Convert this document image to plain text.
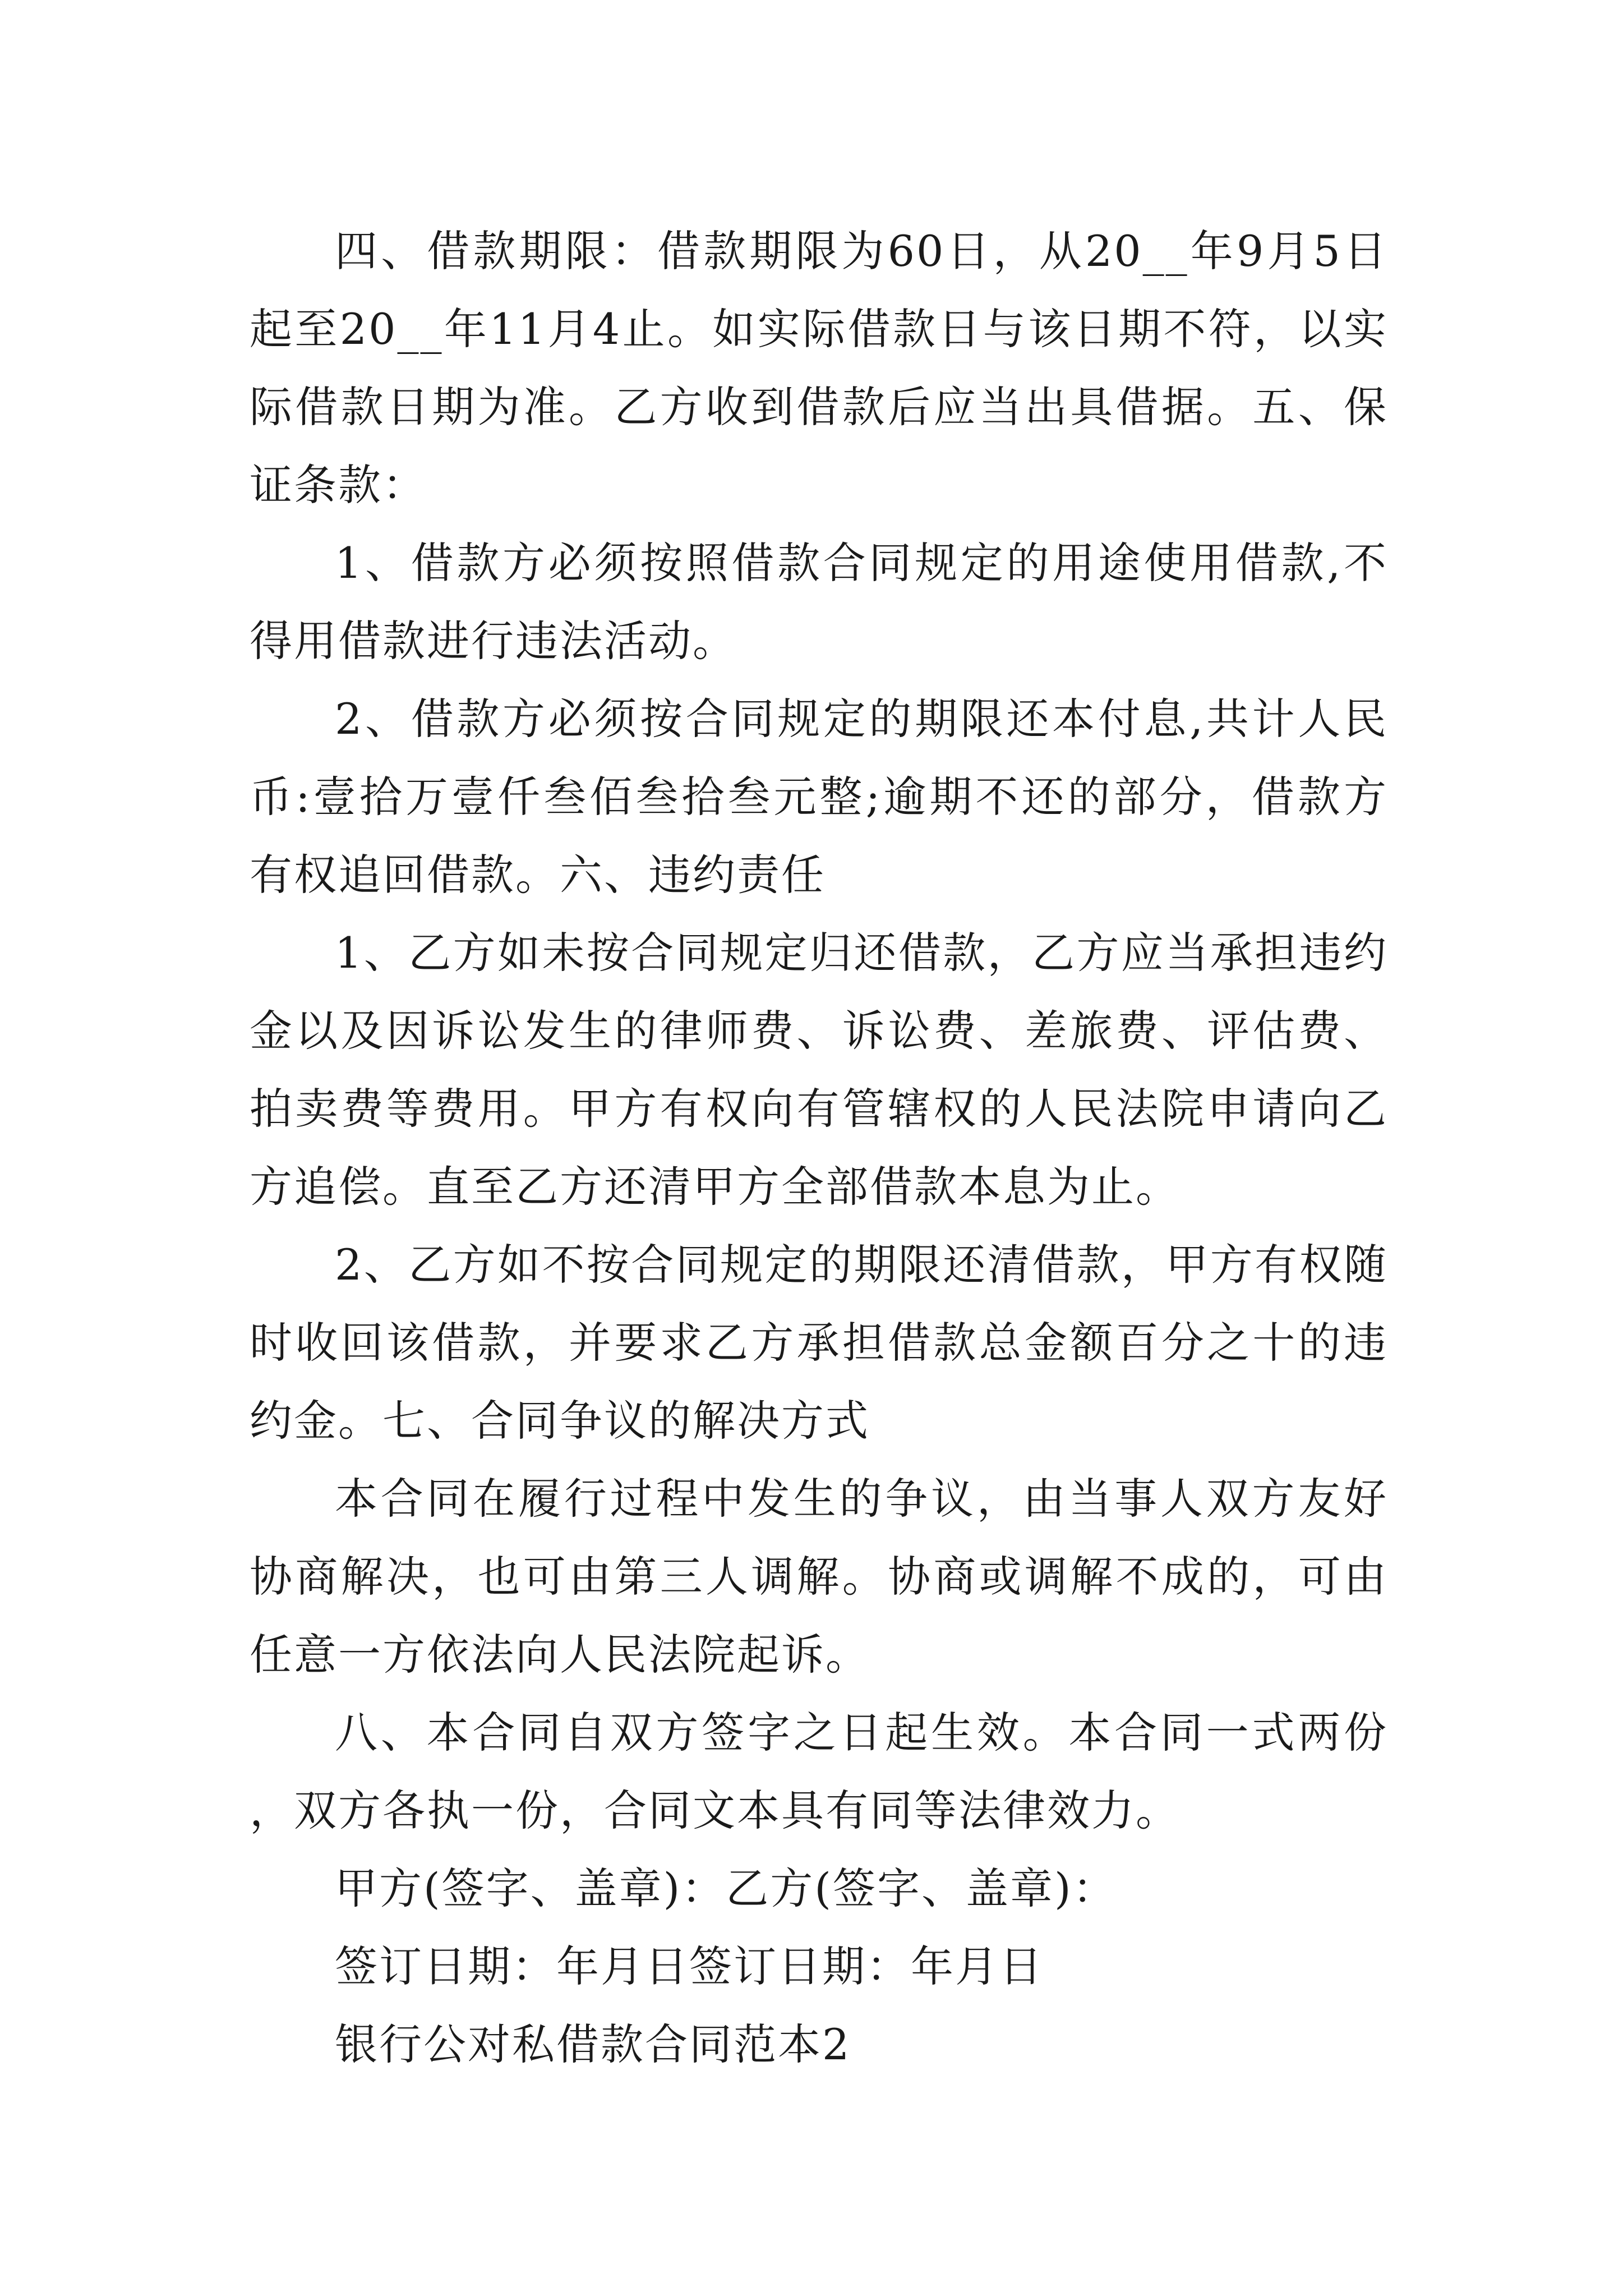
四、借款期限：借款期限为60日，从20__年9月5日起至20__年11月4止。如实际借款日与该日期不符，以实际借款日期为准。乙方收到借款后应当出具借据。五、保证条款：

1、借款方必须按照借款合同规定的用途使用借款,不得用借款进行违法活动。

2、借款方必须按合同规定的期限还本付息,共计人民币:壹拾万壹仟叁佰叁拾叁元整;逾期不还的部分，借款方有权追回借款。六、违约责任

1、乙方如未按合同规定归还借款，乙方应当承担违约金以及因诉讼发生的律师费、诉讼费、差旅费、评估费、拍卖费等费用。甲方有权向有管辖权的人民法院申请向乙方追偿。直至乙方还清甲方全部借款本息为止。

2、乙方如不按合同规定的期限还清借款，甲方有权随时收回该借款，并要求乙方承担借款总金额百分之十的违约金。七、合同争议的解决方式

本合同在履行过程中发生的争议，由当事人双方友好协商解决，也可由第三人调解。协商或调解不成的，可由任意一方依法向人民法院起诉。

八、本合同自双方签字之日起生效。本合同一式两份，双方各执一份，合同文本具有同等法律效力。

甲方(签字、盖章)：乙方(签字、盖章)：

签订日期：年月日签订日期：年月日

银行公对私借款合同范本2
